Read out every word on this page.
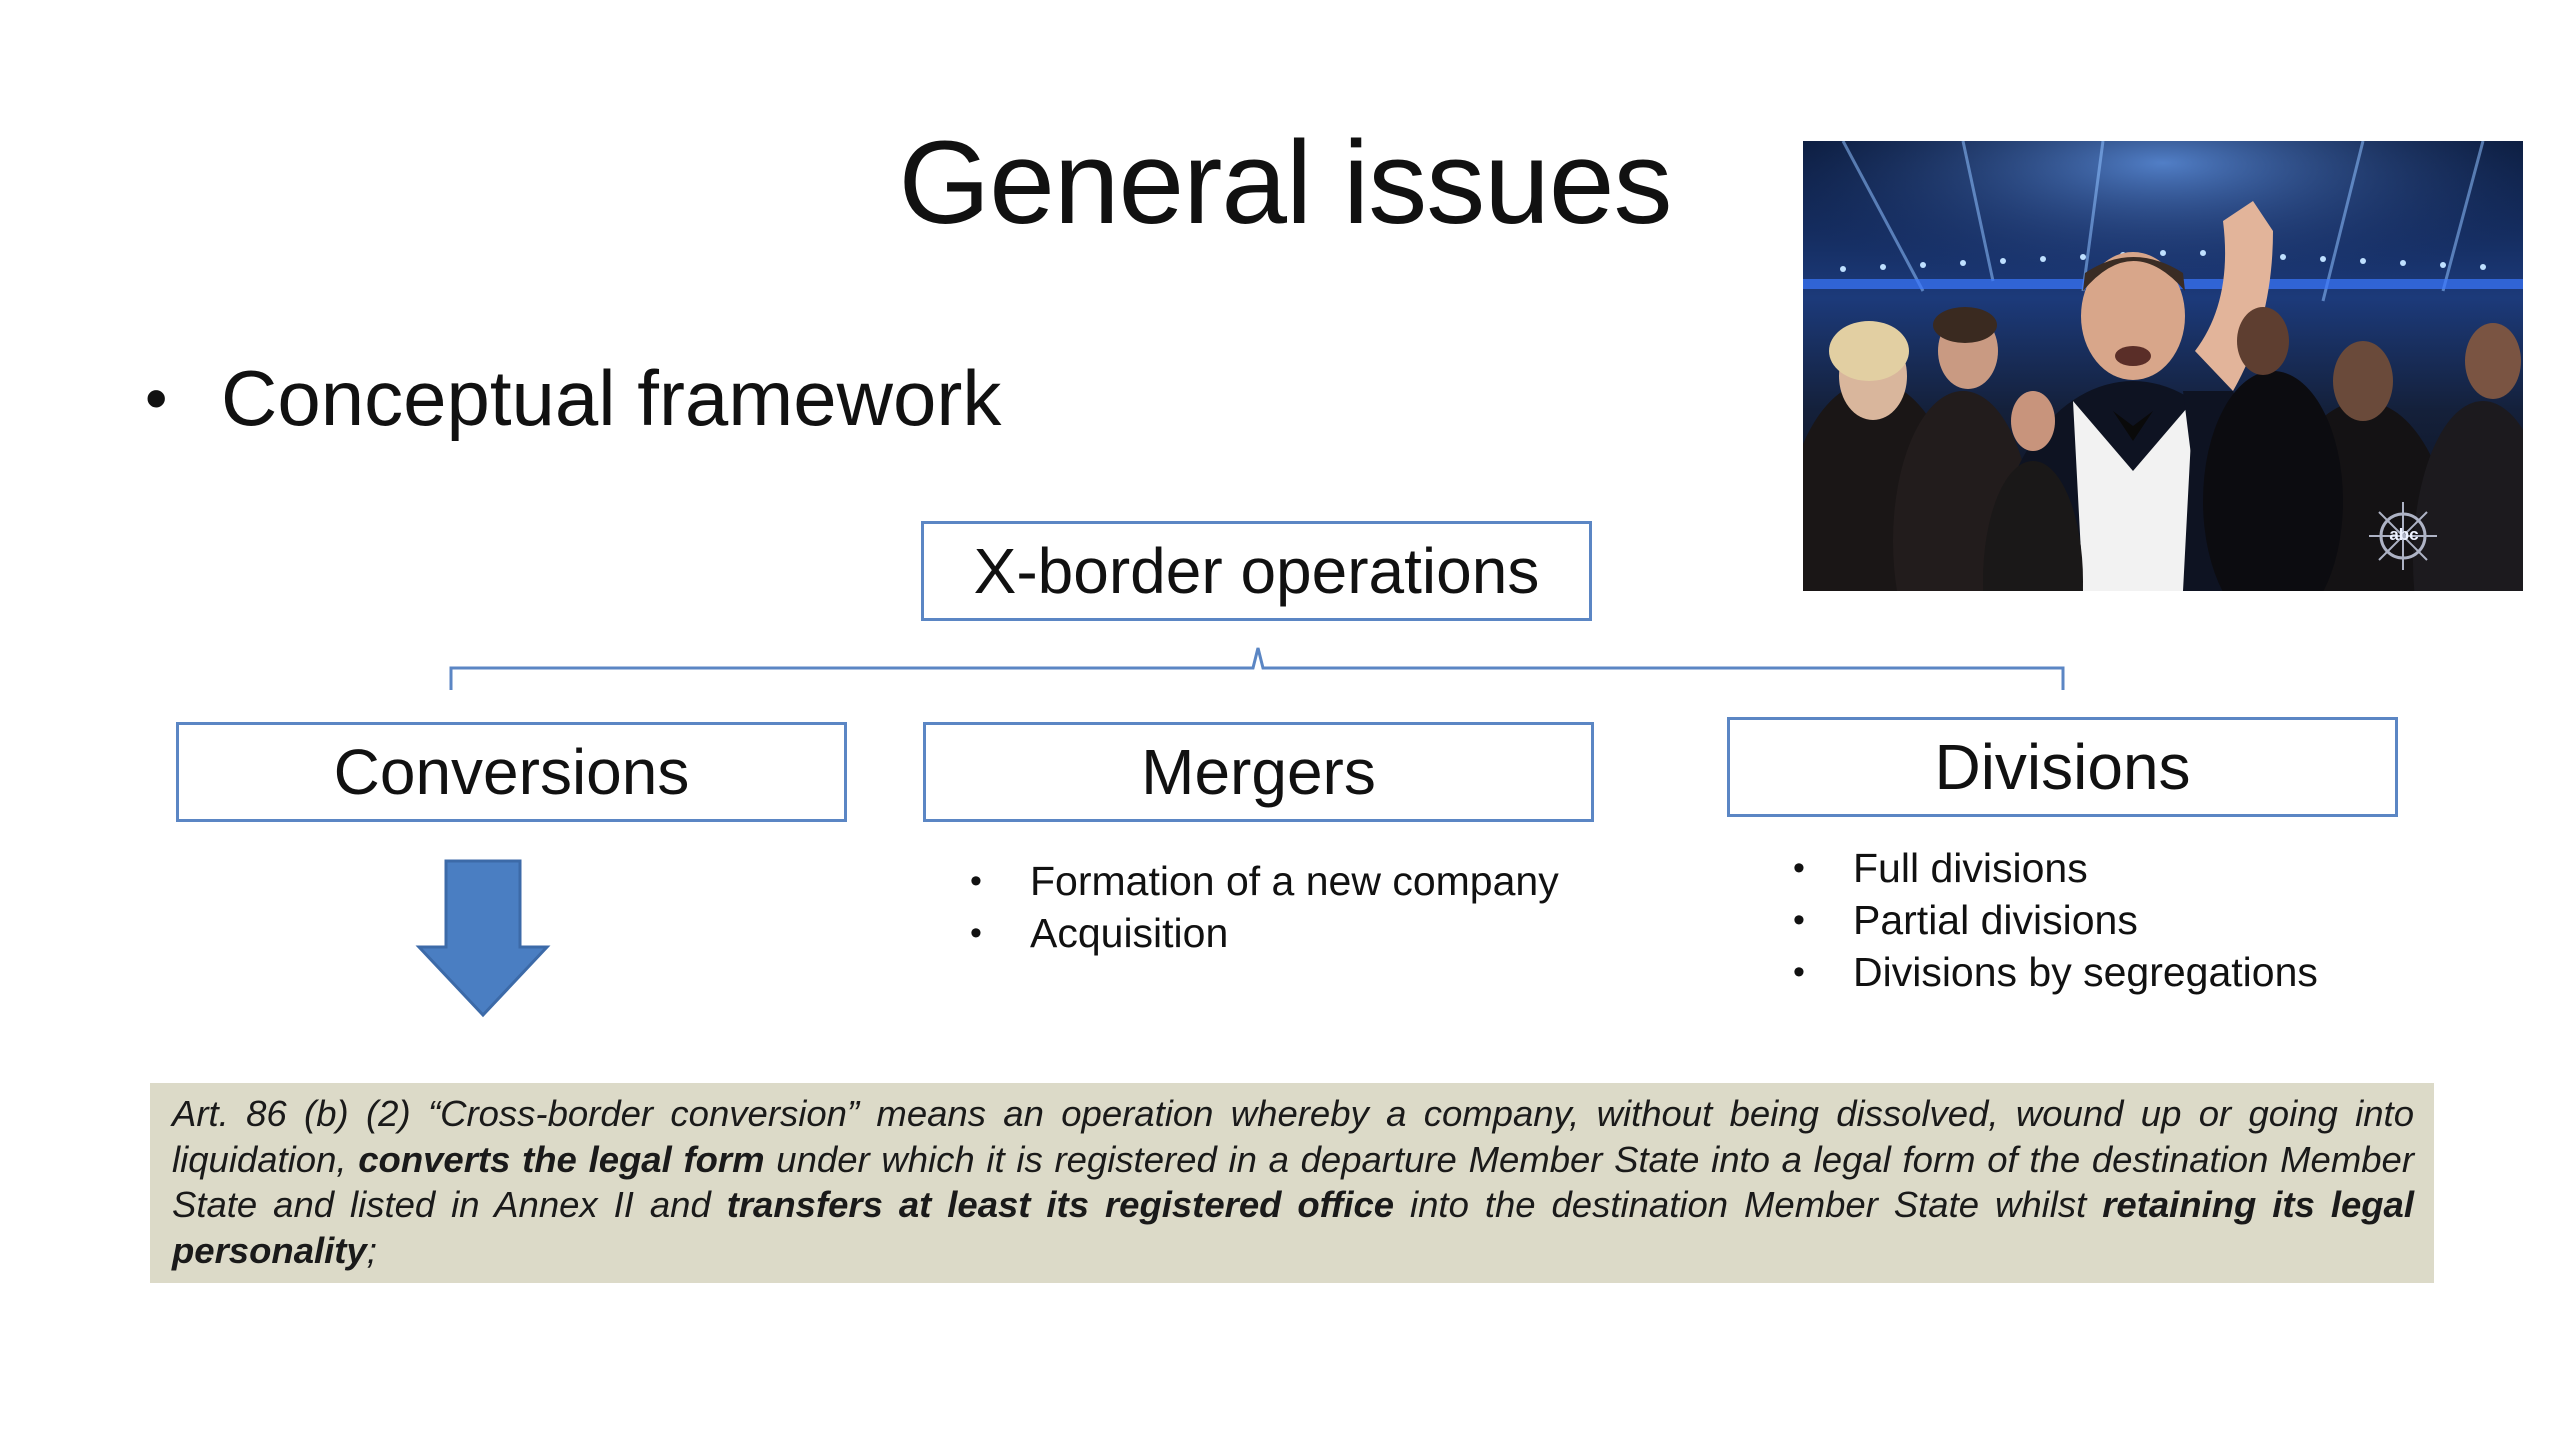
General issues
abc
• Conceptual framework
X-border operations
Conversions	Mergers	Divisions
• Formation of a new company
• Acquisition
• Full divisions
• Partial divisions
• Divisions by segregations
Art. 86 (b) (2) “Cross-border conversion” means an operation whereby a company, without being dissolved, wound up or going into liquidation, converts the legal form under which it is registered in a departure Member State into a legal form of the destination Member State and listed in Annex II and transfers at least its registered office into the destination Member State whilst retaining its legal personality;
